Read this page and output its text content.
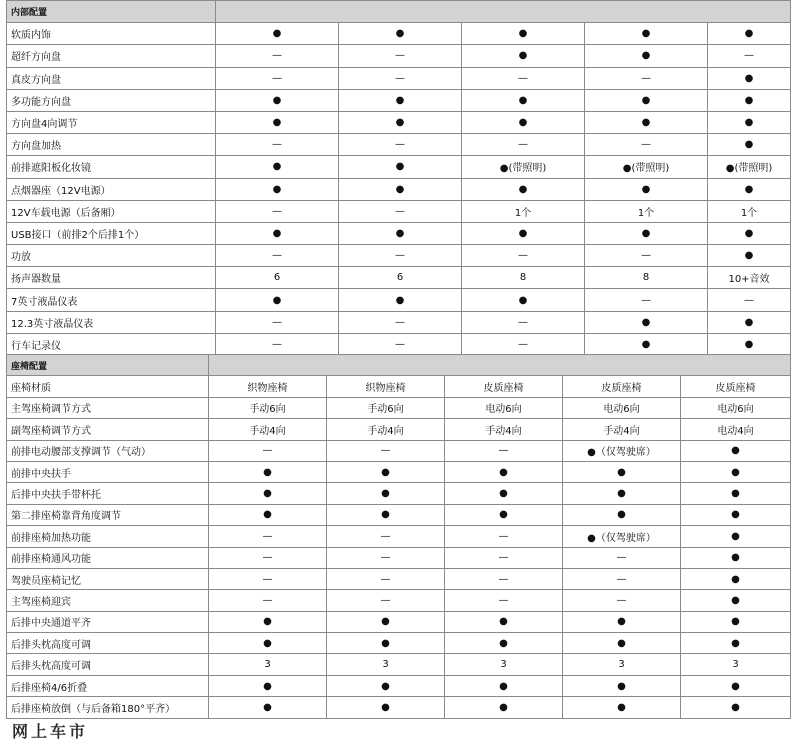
内部配置					
软质内饰	●	●	●	●	●
超纤方向盘	—	—	●	●	—
真皮方向盘	—	—	—	—	●
多功能方向盘	●	●	●	●	●
方向盘4向调节	●	●	●	●	●
方向盘加热	—	—	—	—	●
前排遮阳板化妆镜	●	●	●(带照明)	●(带照明)	●(带照明)
点烟器座（12V电源）	●	●	●	●	●
12V车载电源（后备厢）	—	—	1个	1个	1个
USB接口（前排2个后排1个）	●	●	●	●	●
功放	—	—	—	—	●
扬声器数量	6	6	8	8	10+音效
7英寸液晶仪表	●	●	●	—	—
12.3英寸液晶仪表	—	—	—	●	●
行车记录仪	—	—	—	●	●
座椅配置					
座椅材质	织物座椅	织物座椅	皮质座椅	皮质座椅	皮质座椅
主驾座椅调节方式	手动6向	手动6向	电动6向	电动6向	电动6向
副驾座椅调节方式	手动4向	手动4向	手动4向	手动4向	电动4向
前排电动腰部支撑调节（气动）	—	—	—	●（仅驾驶席）	●
前排中央扶手	●	●	●	●	●
后排中央扶手带杯托	●	●	●	●	●
第二排座椅靠背角度调节	●	●	●	●	●
前排座椅加热功能	—	—	—	●（仅驾驶席）	●
前排座椅通风功能	—	—	—	—	●
驾驶员座椅记忆	—	—	—	—	●
主驾座椅迎宾	—	—	—	—	●
后排中央通道平齐	●	●	●	●	●
后排头枕高度可调	●	●	●	●	●
后排头枕高度可调	3	3	3	3	3
后排座椅4/6折叠	●	●	●	●	●
后排座椅放倒（与后备箱180°平齐）	●	●	●	●	●
网上车市
